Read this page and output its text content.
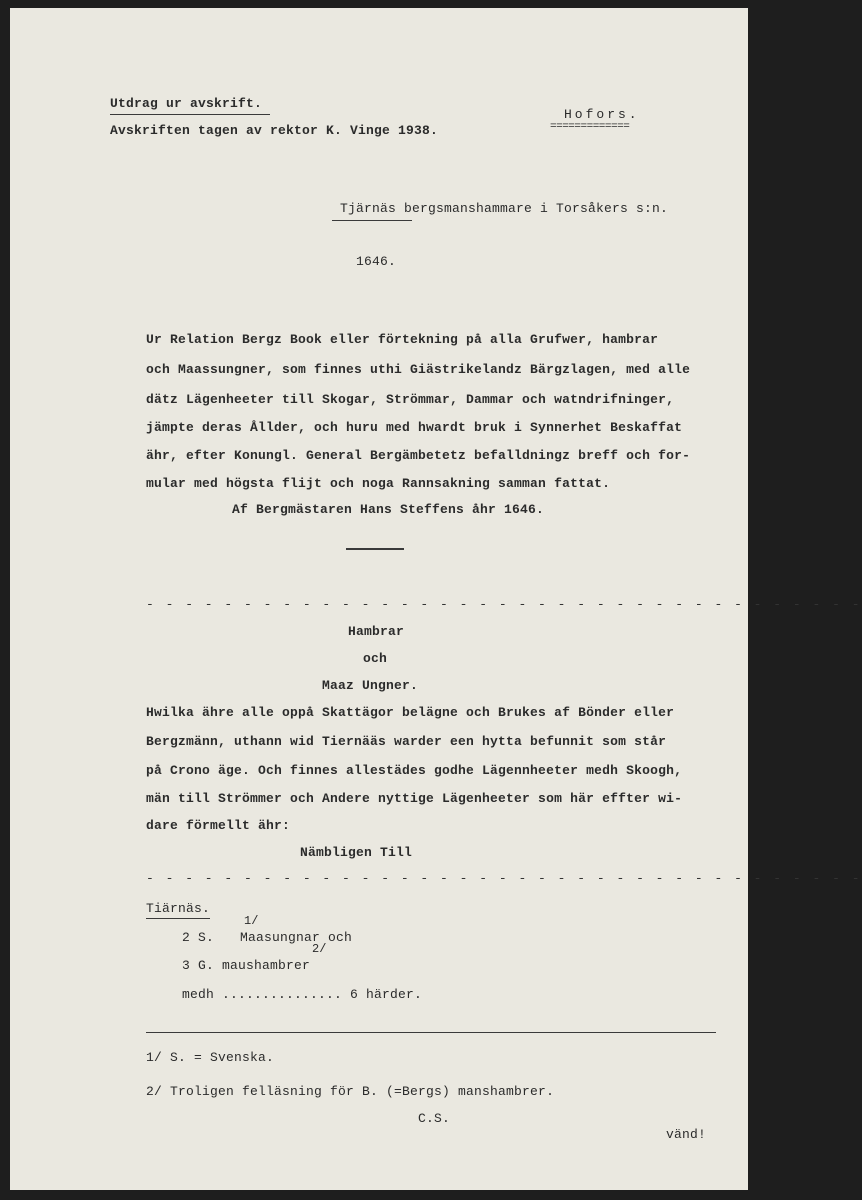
Utdrag ur avskrift.
Avskriften tagen av rektor K. Vinge 1938.
Hofors.
=============
Tjärnäs bergsmanshammare i Torsåkers s:n.
1646.
Ur Relation Bergz Book eller förtekning på alla Grufwer, hambrar
och Maassungner, som finnes uthi Giästrikelandz Bärgzlagen, med alle
dätz Lägenheeter till Skogar, Strömmar, Dammar och watndrifninger,
jämpte deras Ållder, och huru med hwardt bruk i Synnerhet Beskaffat
ähr, efter Konungl. General Bergämbetetz befalldningz breff och for-
mular med högsta flijt och noga Rannsakning samman fattat.
Af Bergmästaren Hans Steffens åhr 1646.
- - - - - - - - - - - - - - - - - - - - - - - - - - - - - - - - - - - - -
Hambrar
och
Maaz Ungner.
Hwilka ähre alle oppå Skattägor belägne och Brukes af Bönder eller
Bergzmänn, uthann wid Tiernääs warder een hytta befunnit som står
på Crono äge. Och finnes allestädes godhe Lägennheeter medh Skoogh,
män till Strömmer och Andere nyttige Lägenheeter som här effter wi-
dare förmellt ähr:
Nämbligen Till
- - - - - - - - - - - - - - - - - - - - - - - - - - - - - - - - - - - - -
Tiärnäs.
1/
2 S. Maasungnar och
2/
3 G. maushambrer
medh ............... 6 härder.
1/ S. = Svenska.
2/ Troligen felläsning för B. (=Bergs) manshambrer.
C.S.
vänd!
